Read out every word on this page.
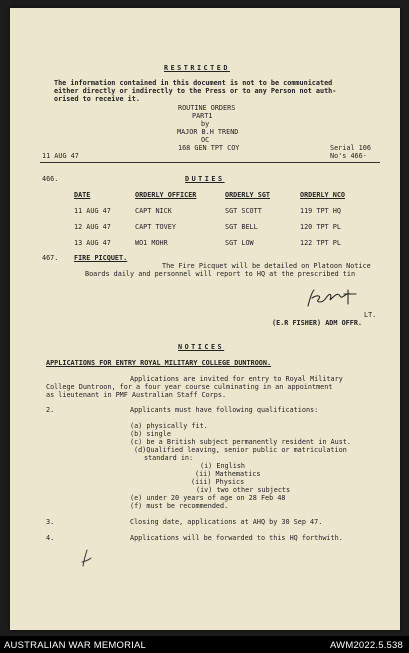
RESTRICTED
The information contained in this document is not to be communicated
either directly or indirectly to the Press or to any Person not auth-
orised to receive it.
ROUTINE ORDERS
PART1
by
MAJOR B.H TREND
OC
168 GEN TPT COY
11 AUG 47
Serial 106
No's 466-
DUTIES
466.
DATE	ORDERLY OFFICER	ORDERLY SGT	ORDERLY NCO
11 AUG 47	CAPT NICK	SGT SCOTT	119 TPT HQ
12 AUG 47	CAPT TOVEY	SGT BELL	120 TPT PL
13 AUG 47	WO1 MOHR	SGT LOW	122 TPT PL
467. FIRE PICQUET.
The Fire Picquet will be detailed on Platoon Notice
Boards daily and personnel will report to HQ at the prescribed tin
LT.
(E.R FISHER) ADM OFFR.
NOTICES
APPLICATIONS FOR ENTRY ROYAL MILITARY COLLEGE DUNTROON.
Applications are invited for entry to Royal Military
College Duntroon, for a four year course culminating in an appointment
as lieutenant in PMF Australian Staff Corps.
2.	Applicants must have following qualifications:
(a) physically fit.
(b) single
(c) be a British subject permanently resident in Aust.
(d)Qualified leaving, senior public or matriculation
standard in:
(i) English
(ii) Mathematics
(iii) Physics
(iv) two other subjects
(e) under 20 years of age on 28 Feb 48
(f) must be recommended.
3.	Closing date, applications at AHQ by 30 Sep 47.
4.	Applications will be forwarded to this HQ forthwith.
AUSTRALIAN WAR MEMORIAL	AWM2022.5.538
